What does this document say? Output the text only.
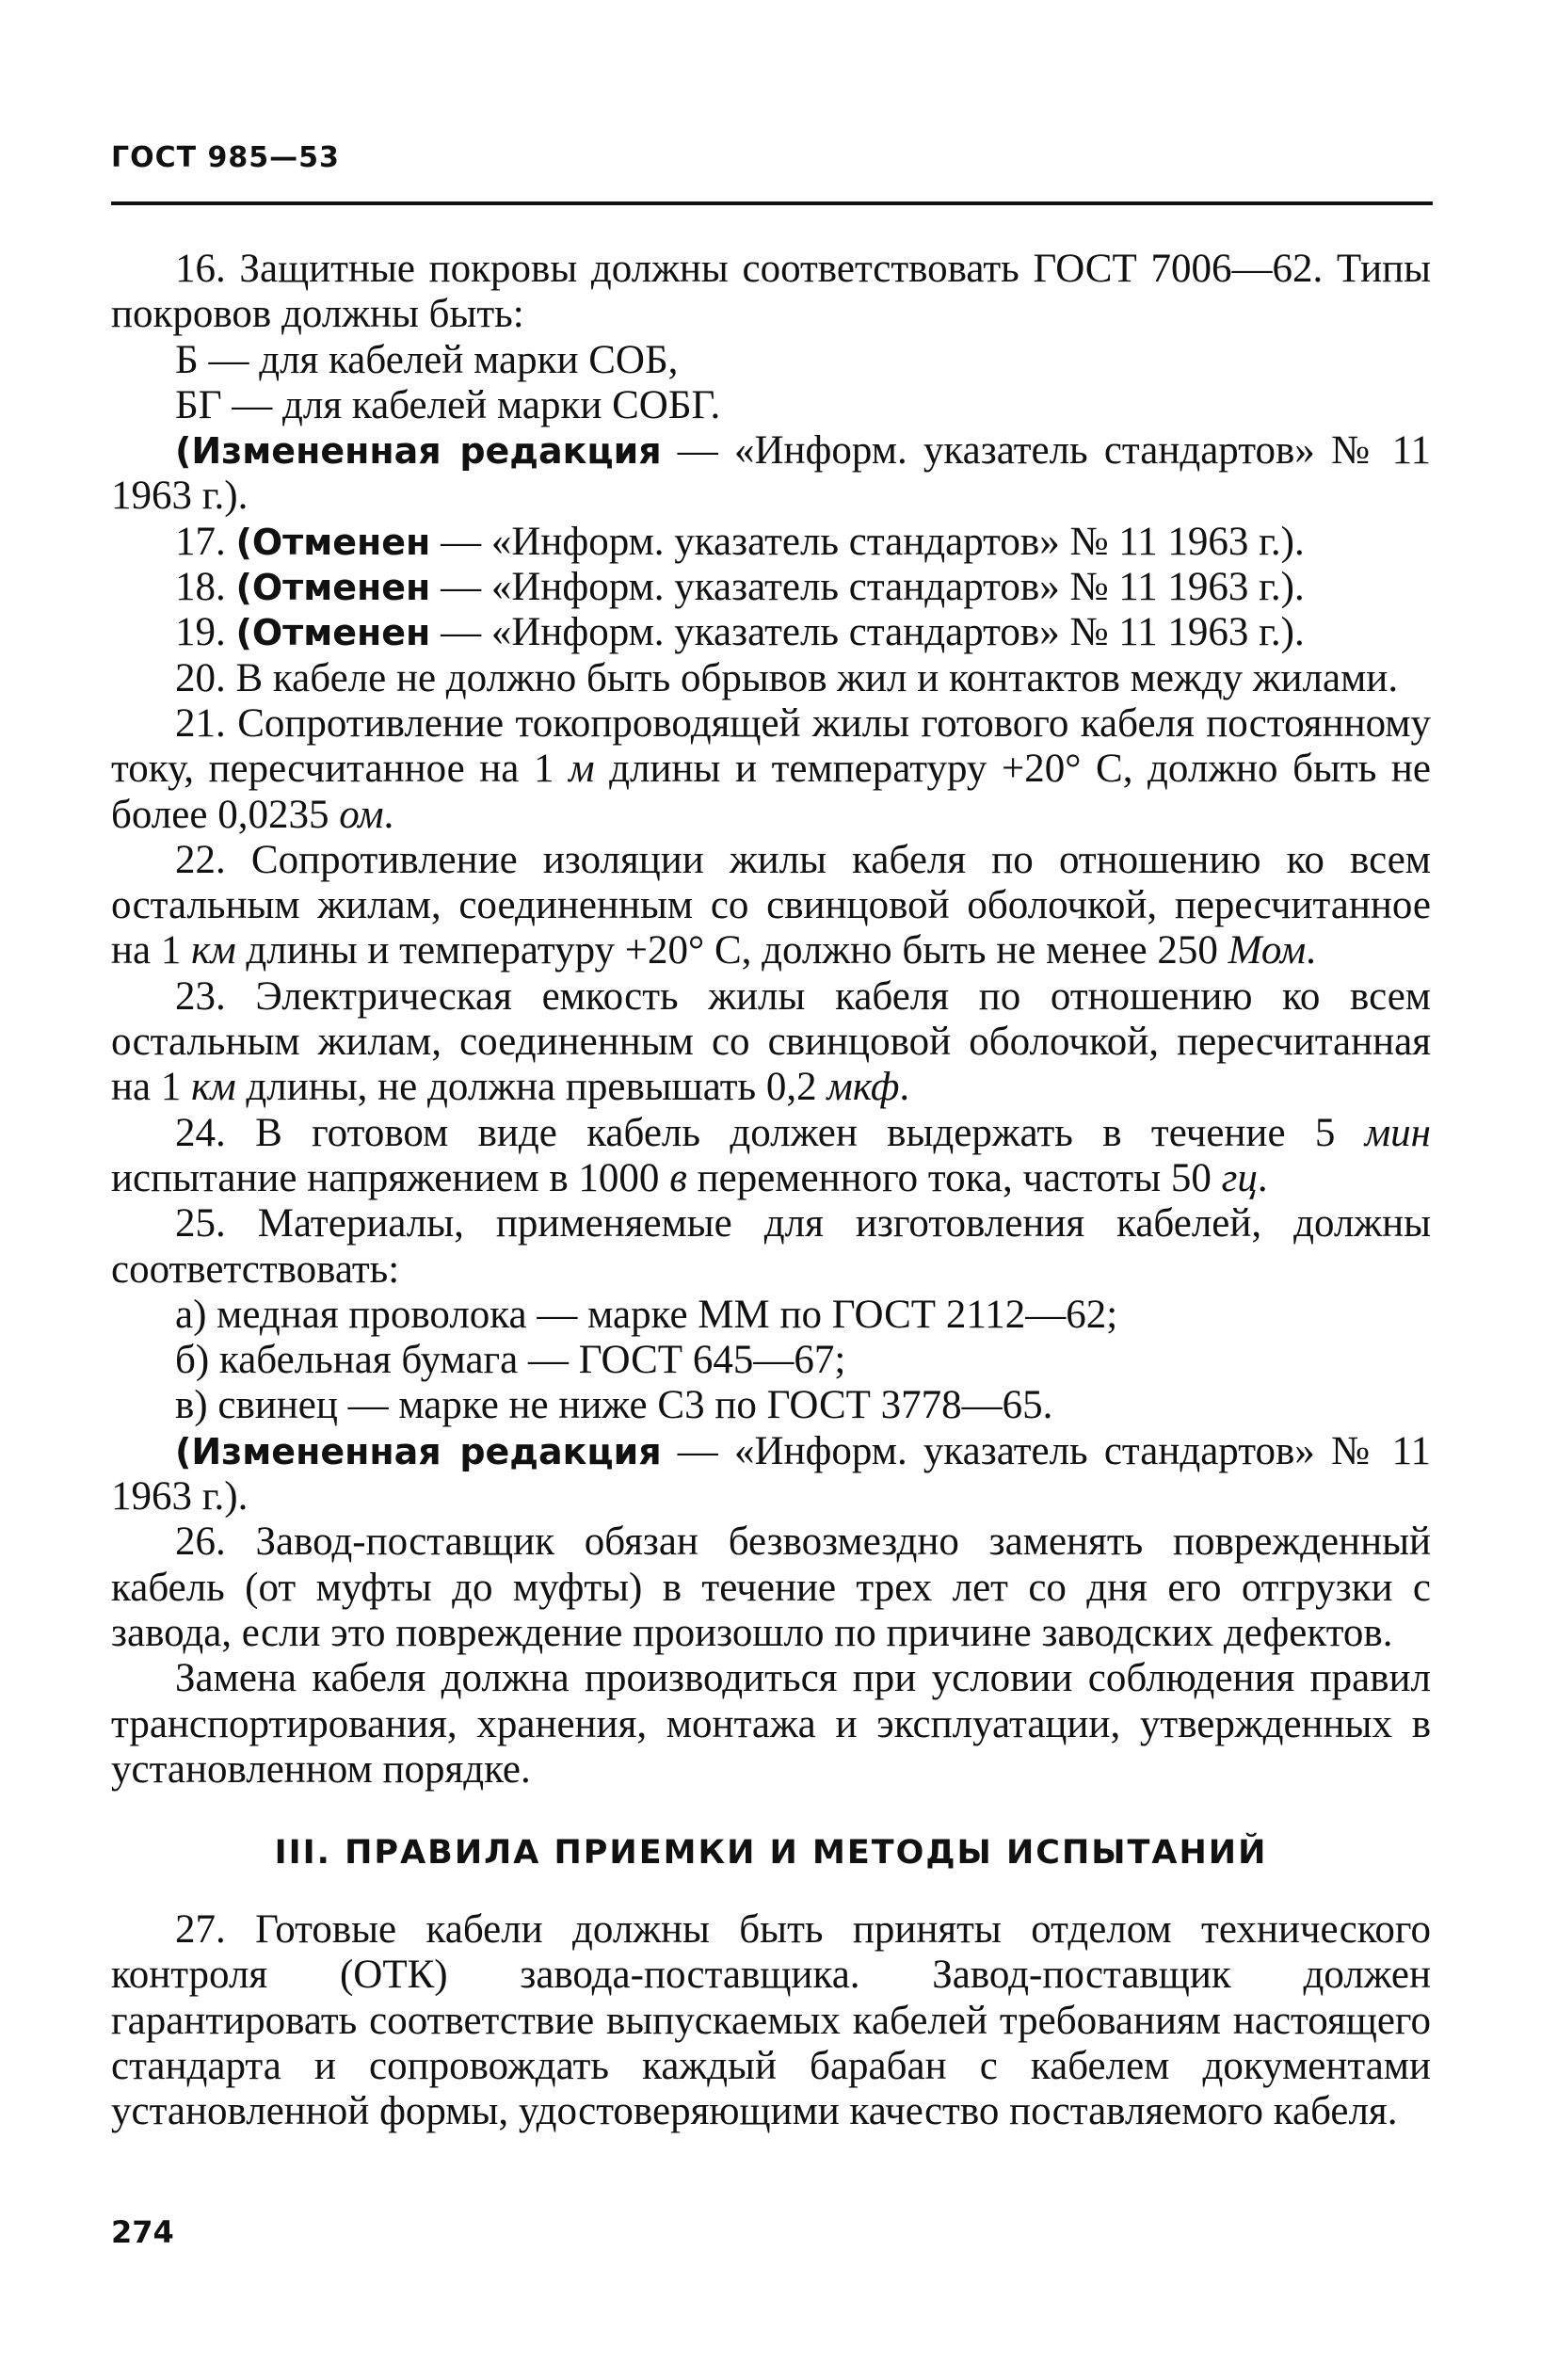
ГОСТ 985—53

16. Защитные покровы должны соответствовать ГОСТ 7006—62. Типы покровов должны быть:

Б — для кабелей марки СОБ,

БГ — для кабелей марки СОБГ.

(Измененная редакция — «Информ. указатель стандартов» № 11 1963 г.).

17. (Отменен — «Информ. указатель стандартов» № 11 1963 г.).

18. (Отменен — «Информ. указатель стандартов» № 11 1963 г.).

19. (Отменен — «Информ. указатель стандартов» № 11 1963 г.).

20. В кабеле не должно быть обрывов жил и контактов между жилами.

21. Сопротивление токопроводящей жилы готового кабеля постоянному току, пересчитанное на 1 м длины и температуру +20° С, должно быть не более 0,0235 ом.

22. Сопротивление изоляции жилы кабеля по отношению ко всем остальным жилам, соединенным со свинцовой оболочкой, пересчитанное на 1 км длины и температуру +20° С, должно быть не менее 250 Мом.

23. Электрическая емкость жилы кабеля по отношению ко всем остальным жилам, соединенным со свинцовой оболочкой, пересчитанная на 1 км длины, не должна превышать 0,2 мкф.

24. В готовом виде кабель должен выдержать в течение 5 мин испытание напряжением в 1000 в переменного тока, частоты 50 гц.

25. Материалы, применяемые для изготовления кабелей, должны соответствовать:

а) медная проволока — марке ММ по ГОСТ 2112—62;

б) кабельная бумага — ГОСТ 645—67;

в) свинец — марке не ниже С3 по ГОСТ 3778—65.

(Измененная редакция — «Информ. указатель стандартов» № 11 1963 г.).

26. Завод-поставщик обязан безвозмездно заменять поврежденный кабель (от муфты до муфты) в течение трех лет со дня его отгрузки с завода, если это повреждение произошло по причине заводских дефектов.

Замена кабеля должна производиться при условии соблюдения правил транспортирования, хранения, монтажа и эксплуатации, утвержденных в установленном порядке.

III. ПРАВИЛА ПРИЕМКИ И МЕТОДЫ ИСПЫТАНИЙ

27. Готовые кабели должны быть приняты отделом технического контроля (ОТК) завода-поставщика. Завод-поставщик должен гарантировать соответствие выпускаемых кабелей требованиям настоящего стандарта и сопровождать каждый барабан с кабелем документами установленной формы, удостоверяющими качество поставляемого кабеля.

274
